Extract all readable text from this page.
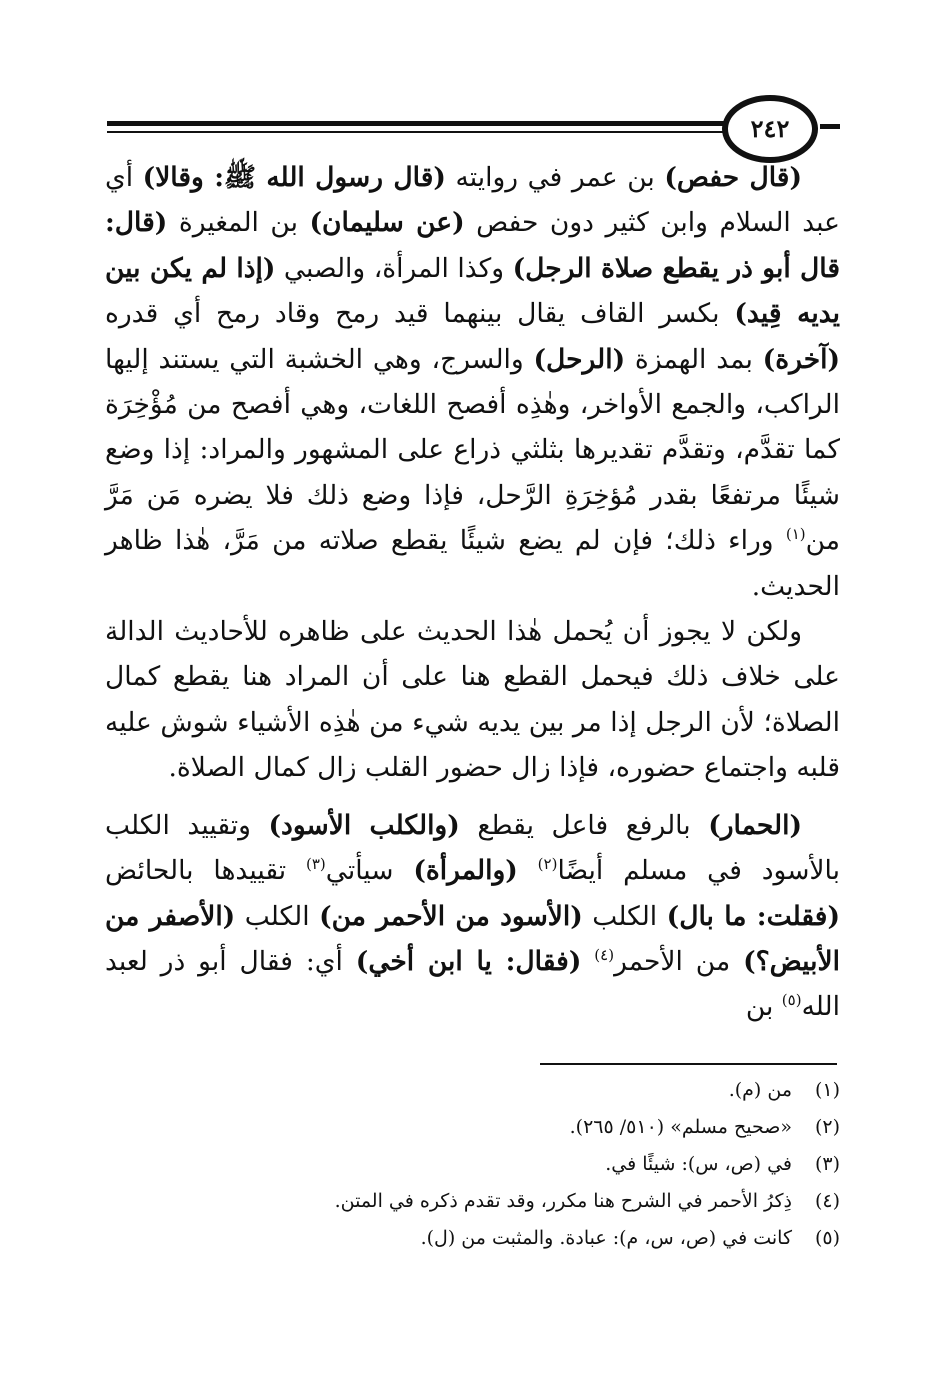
٢٤٢

(قال حفص) بن عمر في روايته (قال رسول الله ﷺ: وقالا) أي عبد السلام وابن كثير دون حفص (عن سليمان) بن المغيرة (قال: قال أبو ذر يقطع صلاة الرجل) وكذا المرأة، والصبي (إذا لم يكن بين يديه قِيد) بكسر القاف يقال بينهما قيد رمح وقاد رمح أي قدره (آخرة) بمد الهمزة (الرحل) والسرج، وهي الخشبة التي يستند إليها الراكب، والجمع الأواخر، وهٰذِه أفصح اللغات، وهي أفصح من مُؤْخِرَة كما تقدَّم، وتقدَّم تقديرها بثلثي ذراع على المشهور والمراد: إذا وضع شيئًا مرتفعًا بقدر مُؤخِرَةِ الرَّحل، فإذا وضع ذلك فلا يضره مَن مَرَّ من$^{(١)}$ وراء ذلك؛ فإن لم يضع شيئًا يقطع صلاته من مَرَّ، هٰذا ظاهر الحديث.

ولكن لا يجوز أن يُحمل هٰذا الحديث على ظاهره للأحاديث الدالة على خلاف ذلك فيحمل القطع هنا على أن المراد هنا يقطع كمال الصلاة؛ لأن الرجل إذا مر بين يديه شيء من هٰذِه الأشياء شوش عليه قلبه واجتماع حضوره، فإذا زال حضور القلب زال كمال الصلاة.

(الحمار) بالرفع فاعل يقطع (والكلب الأسود) وتقييد الكلب بالأسود في مسلم أيضًا$^{(٢)}$ (والمرأة) سيأتي$^{(٣)}$ تقييدها بالحائض (فقلت: ما بال) الكلب (الأسود من الأحمر من) الكلب (الأصفر من الأبيض؟) من الأحمر$^{(٤)}$ (فقال: يا ابن أخي) أي: فقال أبو ذر لعبد الله$^{(٥)}$ بن

(١)
من (م).
(٢)
«صحيح مسلم» (٥١٠/ ٢٦٥).
(٣)
في (ص، س): شيئًا في.
(٤)
ذِكرُ الأحمر في الشرح هنا مكرر، وقد تقدم ذكره في المتن.
(٥)
كانت في (ص، س، م): عبادة. والمثبت من (ل).
